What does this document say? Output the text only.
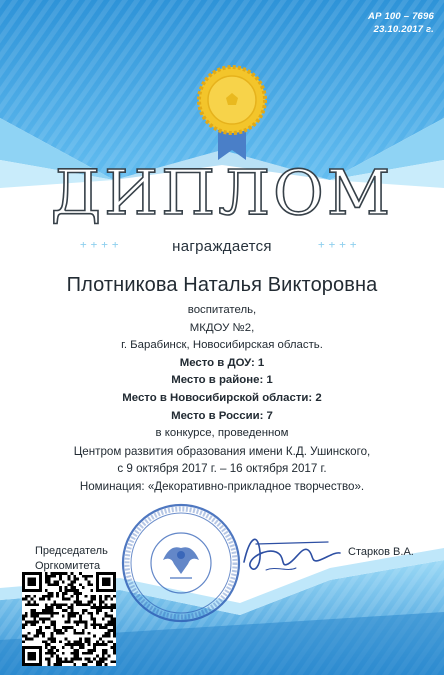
АР 100 – 7696
23.10.2017 г.
ДИПЛОМ
++++	++++
награждается
Плотникова Наталья Викторовна
воспитатель,
МКДОУ №2,
г. Барабинск, Новосибирская область.
Место в ДОУ: 1
Место в районе: 1
Место в Новосибирской области: 2
Место в России: 7
в конкурсе, проведенном
Центром развития образования имени К.Д. Ушинского,
с 9 октября 2017 г. – 16 октября 2017 г.
Номинация: «Декоративно-прикладное творчество».
Председатель
Оргкомитета
Старков В.А.
